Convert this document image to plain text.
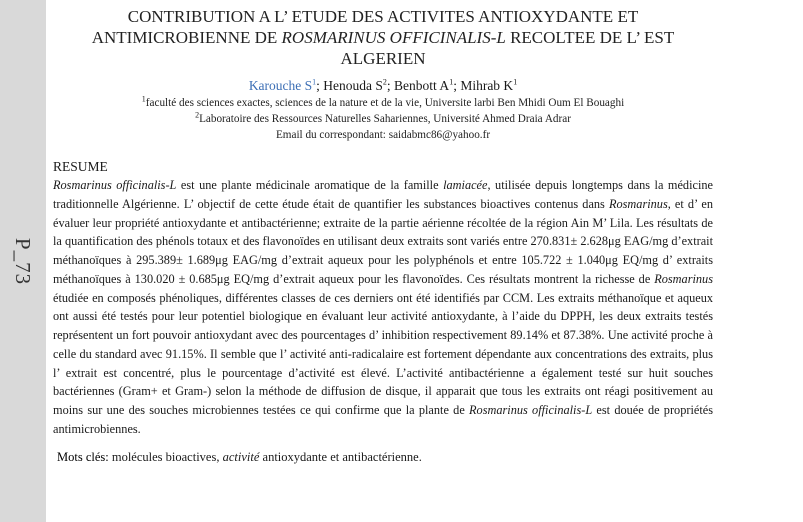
P_73

CONTRIBUTION A L’ ETUDE DES ACTIVITES ANTIOXYDANTE ET

ANTIMICROBIENNE DE ROSMARINUS OFFICINALIS-L RECOLTEE DE L’ EST

ALGERIEN

Karouche $S^1$; Henouda $S^2$; Benbott $A^1$; Mihrab $K^1$
$^1$faculté des sciences exactes, sciences de la nature et de la vie, Universite larbi Ben Mhidi Oum El Bouaghi
$^2$Laboratoire des Ressources Naturelles Sahariennes, Université Ahmed Draia Adrar
Email du correspondant: saidabmc86@yahoo.fr
RESUME

Rosmarinus officinalis-L est une plante médicinale aromatique de la famille lamiacée, utilisée depuis longtemps dans la médicine traditionnelle Algérienne. L’ objectif de cette étude était de quantifier les substances bioactives contenus dans Rosmarinus, et d’ en évaluer leur propriété antioxydante et antibactérienne; extraite de la partie aérienne récoltée de la région Ain M’ Lila. Les résultats de la quantification des phénols totaux et des flavonoïdes en utilisant deux extraits sont variés entre 270.831± 2.628μg EAG/mg d’extrait méthanoïques à 295.389± 1.689μg EAG/mg d’extrait aqueux pour les polyphénols et entre 105.722 ± 1.040μg EQ/mg d’ extraits méthanoïques à 130.020 ± 0.685μg EQ/mg d’extrait aqueux pour les flavonoïdes. Ces résultats montrent la richesse de Rosmarinus étudiée en composés phénoliques, différentes classes de ces derniers ont été identifiés par CCM. Les extraits méthanoïque et aqueux ont aussi été testés pour leur potentiel biologique en évaluant leur activité antioxydante, à l’aide du DPPH, les deux extraits testés représentent un fort pouvoir antioxydant avec des pourcentages d’ inhibition respectivement 89.14% et 87.38%. Une activité proche à celle du standard avec 91.15%. Il semble que l’ activité anti-radicalaire est fortement dépendante aux concentrations des extraits, plus l’ extrait est concentré, plus le pourcentage d’activité est élevé. L’activité antibactérienne a également testé sur huit souches bactériennes (Gram+ et Gram-) selon la méthode de diffusion de disque, il apparait que tous les extraits ont réagi positivement au moins sur une des souches microbiennes testées ce qui confirme que la plante de Rosmarinus officinalis-L est douée de propriétés antimicrobiennes.

Mots clés: molécules bioactives, activité antioxydante et antibactérienne.
